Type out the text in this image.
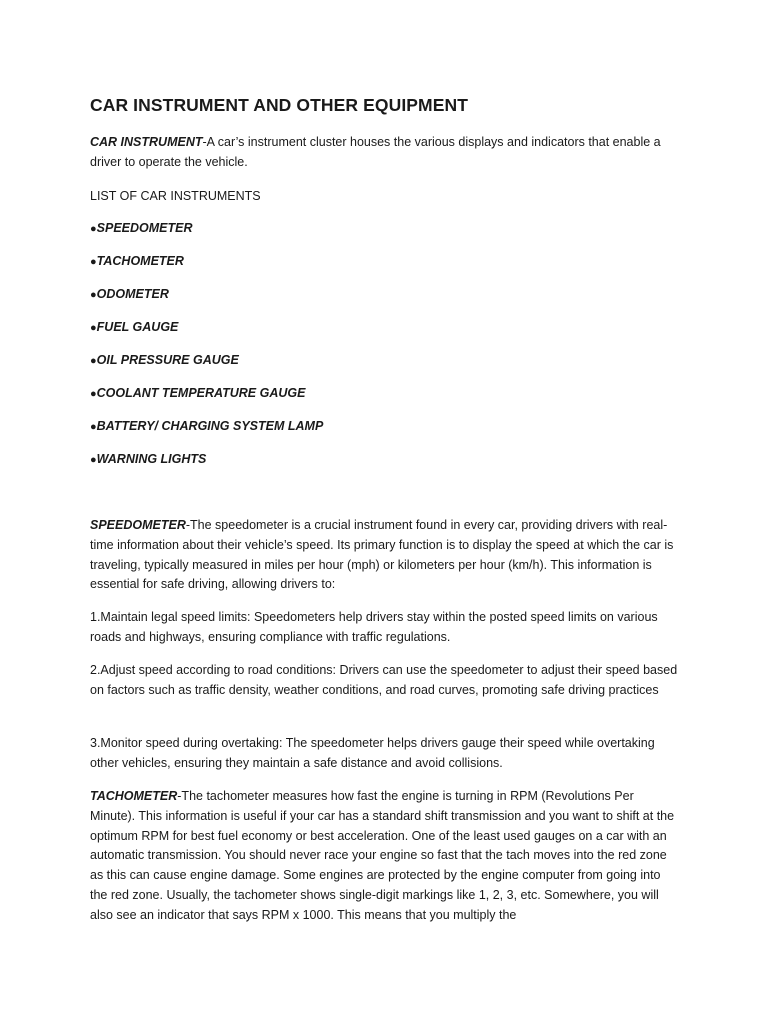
CAR INSTRUMENT AND OTHER EQUIPMENT

CAR INSTRUMENT-A car’s instrument cluster houses the various displays and indicators that enable a driver to operate the vehicle.

LIST OF CAR INSTRUMENTS

●SPEEDOMETER

●TACHOMETER

●ODOMETER

●FUEL GAUGE

●OIL PRESSURE GAUGE

●COOLANT TEMPERATURE GAUGE

●BATTERY/ CHARGING SYSTEM LAMP

●WARNING LIGHTS

SPEEDOMETER-The speedometer is a crucial instrument found in every car, providing drivers with real-time information about their vehicle’s speed. Its primary function is to display the speed at which the car is traveling, typically measured in miles per hour (mph) or kilometers per hour (km/h). This information is essential for safe driving, allowing drivers to:

1.Maintain legal speed limits: Speedometers help drivers stay within the posted speed limits on various roads and highways, ensuring compliance with traffic regulations.

2.Adjust speed according to road conditions: Drivers can use the speedometer to adjust their speed based on factors such as traffic density, weather conditions, and road curves, promoting safe driving practices

3.Monitor speed during overtaking: The speedometer helps drivers gauge their speed while overtaking other vehicles, ensuring they maintain a safe distance and avoid collisions.

TACHOMETER-The tachometer measures how fast the engine is turning in RPM (Revolutions Per Minute). This information is useful if your car has a standard shift transmission and you want to shift at the optimum RPM for best fuel economy or best acceleration. One of the least used gauges on a car with an automatic transmission. You should never race your engine so fast that the tach moves into the red zone as this can cause engine damage. Some engines are protected by the engine computer from going into the red zone. Usually, the tachometer shows single-digit markings like 1, 2, 3, etc. Somewhere, you will also see an indicator that says RPM x 1000. This means that you multiply the
